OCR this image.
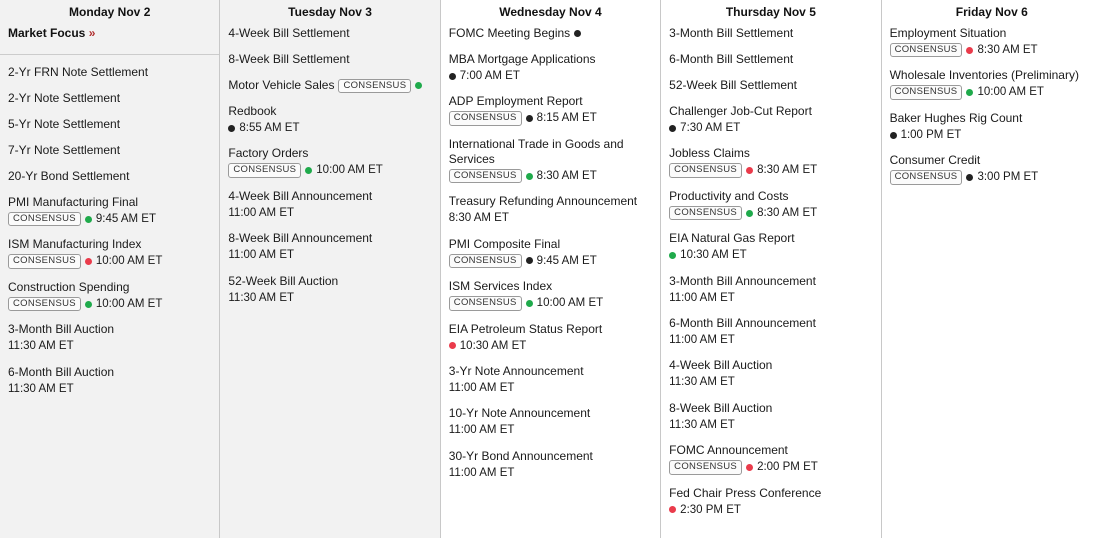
Monday Nov 2
Market Focus »
2-Yr FRN Note Settlement
2-Yr Note Settlement
5-Yr Note Settlement
7-Yr Note Settlement
20-Yr Bond Settlement
PMI Manufacturing Final
CONSENSUS	9:45 AM ET
ISM Manufacturing Index
CONSENSUS	10:00 AM ET
Construction Spending
CONSENSUS	10:00 AM ET
3-Month Bill Auction
11:30 AM ET
6-Month Bill Auction
11:30 AM ET
Tuesday Nov 3
4-Week Bill Settlement
8-Week Bill Settlement
Motor Vehicle Sales CONSENSUS
Redbook
8:55 AM ET
Factory Orders
CONSENSUS	10:00 AM ET
4-Week Bill Announcement
11:00 AM ET
8-Week Bill Announcement
11:00 AM ET
52-Week Bill Auction
11:30 AM ET
Wednesday Nov 4
FOMC Meeting Begins
MBA Mortgage Applications
7:00 AM ET
ADP Employment Report
CONSENSUS	8:15 AM ET
International Trade in Goods and Services
CONSENSUS	8:30 AM ET
Treasury Refunding Announcement
8:30 AM ET
PMI Composite Final
CONSENSUS	9:45 AM ET
ISM Services Index
CONSENSUS	10:00 AM ET
EIA Petroleum Status Report
10:30 AM ET
3-Yr Note Announcement
11:00 AM ET
10-Yr Note Announcement
11:00 AM ET
30-Yr Bond Announcement
11:00 AM ET
Thursday Nov 5
3-Month Bill Settlement
6-Month Bill Settlement
52-Week Bill Settlement
Challenger Job-Cut Report
7:30 AM ET
Jobless Claims
CONSENSUS	8:30 AM ET
Productivity and Costs
CONSENSUS	8:30 AM ET
EIA Natural Gas Report
10:30 AM ET
3-Month Bill Announcement
11:00 AM ET
6-Month Bill Announcement
11:00 AM ET
4-Week Bill Auction
11:30 AM ET
8-Week Bill Auction
11:30 AM ET
FOMC Announcement
CONSENSUS	2:00 PM ET
Fed Chair Press Conference
2:30 PM ET
Friday Nov 6
Employment Situation
CONSENSUS	8:30 AM ET
Wholesale Inventories (Preliminary)
CONSENSUS	10:00 AM ET
Baker Hughes Rig Count
1:00 PM ET
Consumer Credit
CONSENSUS	3:00 PM ET
